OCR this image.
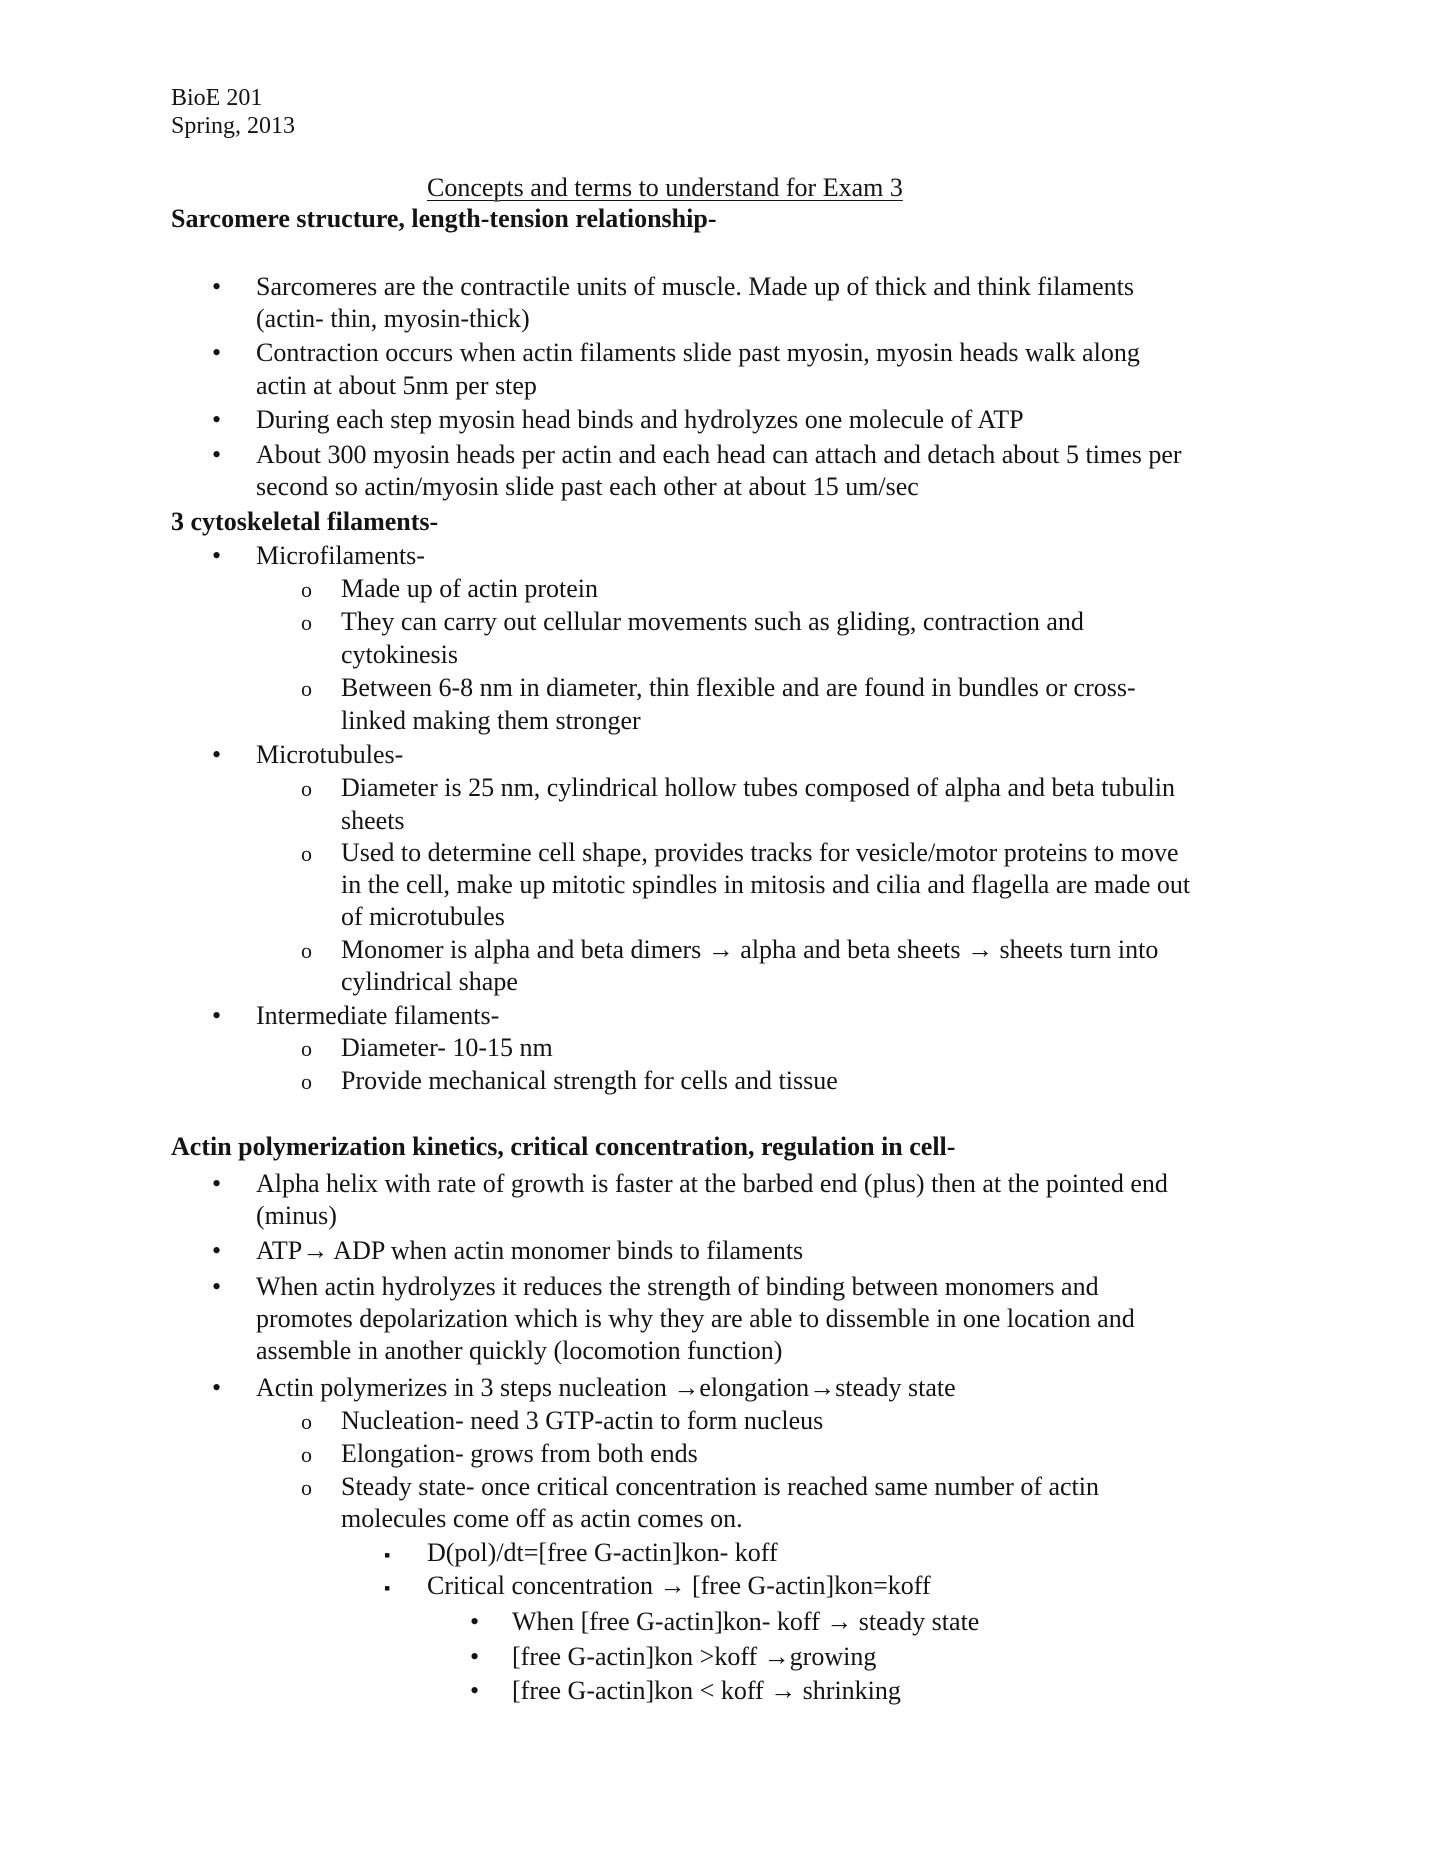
BioE 201
Spring, 2013
Concepts and terms to understand for Exam 3
Sarcomere structure, length-tension relationship-
• Sarcomeres are the contractile units of muscle. Made up of thick and think filaments
(actin- thin, myosin-thick)
• Contraction occurs when actin filaments slide past myosin, myosin heads walk along
actin at about 5nm per step
• During each step myosin head binds and hydrolyzes one molecule of ATP
• About 300 myosin heads per actin and each head can attach and detach about 5 times per
second so actin/myosin slide past each other at about 15 um/sec
3 cytoskeletal filaments-
• Microfilaments-
o Made up of actin protein
o They can carry out cellular movements such as gliding, contraction and
cytokinesis
o Between 6-8 nm in diameter, thin flexible and are found in bundles or cross-
linked making them stronger
• Microtubules-
o Diameter is 25 nm, cylindrical hollow tubes composed of alpha and beta tubulin
sheets
o Used to determine cell shape, provides tracks for vesicle/motor proteins to move
in the cell, make up mitotic spindles in mitosis and cilia and flagella are made out
of microtubules
o Monomer is alpha and beta dimers → alpha and beta sheets → sheets turn into
cylindrical shape
• Intermediate filaments-
o Diameter- 10-15 nm
o Provide mechanical strength for cells and tissue
Actin polymerization kinetics, critical concentration, regulation in cell-
• Alpha helix with rate of growth is faster at the barbed end (plus) then at the pointed end
(minus)
• ATP→ ADP when actin monomer binds to filaments
• When actin hydrolyzes it reduces the strength of binding between monomers and
promotes depolarization which is why they are able to dissemble in one location and
assemble in another quickly (locomotion function)
• Actin polymerizes in 3 steps nucleation →elongation→steady state
o Nucleation- need 3 GTP-actin to form nucleus
o Elongation- grows from both ends
o Steady state- once critical concentration is reached same number of actin
molecules come off as actin comes on.
▪ D(pol)/dt=[free G-actin]kon- koff
▪ Critical concentration → [free G-actin]kon=koff
• When [free G-actin]kon- koff → steady state
• [free G-actin]kon >koff →growing
• [free G-actin]kon < koff → shrinking
